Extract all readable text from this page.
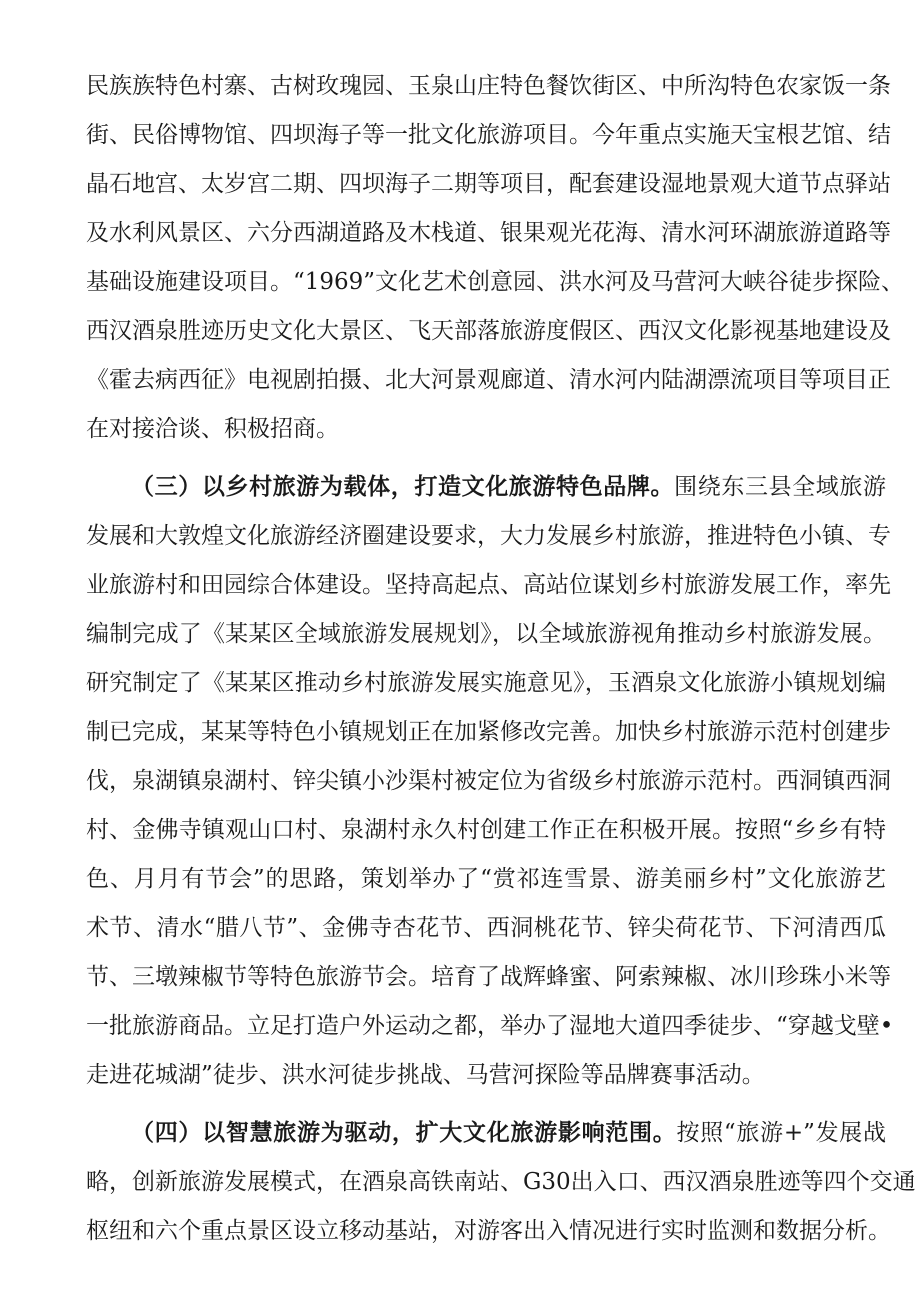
民族族特色村寨、古树玫瑰园、玉泉山庄特色餐饮街区、中所沟特色农家饭一条
街、民俗博物馆、四坝海子等一批文化旅游项目。今年重点实施天宝根艺馆、结
晶石地宫、太岁宫二期、四坝海子二期等项目，配套建设湿地景观大道节点驿站
及水利风景区、六分西湖道路及木栈道、银果观光花海、清水河环湖旅游道路等
基础设施建设项目。“1969”文化艺术创意园、洪水河及马营河大峡谷徒步探险、
西汉酒泉胜迹历史文化大景区、飞天部落旅游度假区、西汉文化影视基地建设及
《霍去病西征》电视剧拍摄、北大河景观廊道、清水河内陆湖漂流项目等项目正
在对接洽谈、积极招商。
（三）以乡村旅游为载体，打造文化旅游特色品牌。围绕东三县全域旅游
发展和大敦煌文化旅游经济圈建设要求，大力发展乡村旅游，推进特色小镇、专
业旅游村和田园综合体建设。坚持高起点、高站位谋划乡村旅游发展工作，率先
编制完成了《某某区全域旅游发展规划》，以全域旅游视角推动乡村旅游发展。
研究制定了《某某区推动乡村旅游发展实施意见》，玉酒泉文化旅游小镇规划编
制已完成，某某等特色小镇规划正在加紧修改完善。加快乡村旅游示范村创建步
伐，泉湖镇泉湖村、锌尖镇小沙渠村被定位为省级乡村旅游示范村。西洞镇西洞
村、金佛寺镇观山口村、泉湖村永久村创建工作正在积极开展。按照“乡乡有特
色、月月有节会”的思路，策划举办了“赏祁连雪景、游美丽乡村”文化旅游艺
术节、清水“腊八节”、金佛寺杏花节、西洞桃花节、锌尖荷花节、下河清西瓜
节、三墩辣椒节等特色旅游节会。培育了战辉蜂蜜、阿索辣椒、冰川珍珠小米等
一批旅游商品。立足打造户外运动之都，举办了湿地大道四季徒步、“穿越戈壁•
走进花城湖”徒步、洪水河徒步挑战、马营河探险等品牌赛事活动。
（四）以智慧旅游为驱动，扩大文化旅游影响范围。按照“旅游+”发展战
略，创新旅游发展模式，在酒泉高铁南站、G30出入口、西汉酒泉胜迹等四个交通
枢纽和六个重点景区设立移动基站，对游客出入情况进行实时监测和数据分析。
